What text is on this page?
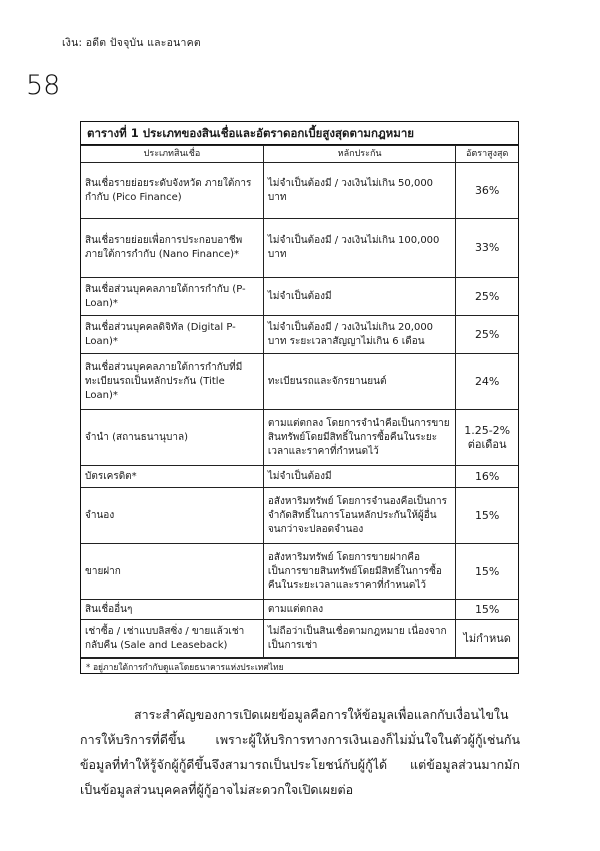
เงิน: อดีต ปัจจุบัน และอนาคต
58
ตารางที่ 1 ประเภทของสินเชื่อและอัตราดอกเบี้ยสูงสุดตามกฎหมาย
ประเภทสินเชื่อ	หลักประกัน	อัตราสูงสุด
สินเชื่อรายย่อยระดับจังหวัด ภายใต้การกำกับ (Pico Finance)	ไม่จำเป็นต้องมี / วงเงินไม่เกิน 50,000 บาท	36%
สินเชื่อรายย่อยเพื่อการประกอบอาชีพภายใต้การกำกับ (Nano Finance)*	ไม่จำเป็นต้องมี / วงเงินไม่เกิน 100,000 บาท	33%
สินเชื่อส่วนบุคคลภายใต้การกำกับ (P-Loan)*	ไม่จำเป็นต้องมี	25%
สินเชื่อส่วนบุคคลดิจิทัล (Digital P-Loan)*	ไม่จำเป็นต้องมี / วงเงินไม่เกิน 20,000 บาท ระยะเวลาสัญญาไม่เกิน 6 เดือน	25%
สินเชื่อส่วนบุคคลภายใต้การกำกับที่มีทะเบียนรถเป็นหลักประกัน (Title Loan)*	ทะเบียนรถและจักรยานยนต์	24%
จำนำ (สถานธนานุบาล)	ตามแต่ตกลง โดยการจำนำคือเป็นการขายสินทรัพย์โดยมีสิทธิ์ในการซื้อคืนในระยะเวลาและราคาที่กำหนดไว้	1.25-2% ต่อเดือน
บัตรเครดิต*	ไม่จำเป็นต้องมี	16%
จำนอง	อสังหาริมทรัพย์ โดยการจำนองคือเป็นการจำกัดสิทธิ์ในการโอนหลักประกันให้ผู้อื่นจนกว่าจะปลอดจำนอง	15%
ขายฝาก	อสังหาริมทรัพย์ โดยการขายฝากคือเป็นการขายสินทรัพย์โดยมีสิทธิ์ในการซื้อคืนในระยะเวลาและราคาที่กำหนดไว้	15%
สินเชื่ออื่นๆ	ตามแต่ตกลง	15%
เช่าซื้อ / เช่าแบบลิสซิ่ง / ขายแล้วเช่ากลับคืน (Sale and Leaseback)	ไม่ถือว่าเป็นสินเชื่อตามกฎหมาย เนื่องจากเป็นการเช่า	ไม่กำหนด
* อยู่ภายใต้การกำกับดูแลโดยธนาคารแห่งประเทศไทย

สาระสำคัญของการเปิดเผยข้อมูลคือการให้ข้อมูลเพื่อแลกกับเงื่อนไขในการให้บริการที่ดีขึ้น เพราะผู้ให้บริการทางการเงินเองก็ไม่มั่นใจในตัวผู้กู้เช่นกัน ข้อมูลที่ทำให้รู้จักผู้กู้ดีขึ้นจึงสามารถเป็นประโยชน์กับผู้กู้ได้ แต่ข้อมูลส่วนมากมักเป็นข้อมูลส่วนบุคคลที่ผู้กู้อาจไม่สะดวกใจเปิดเผยต่อ
